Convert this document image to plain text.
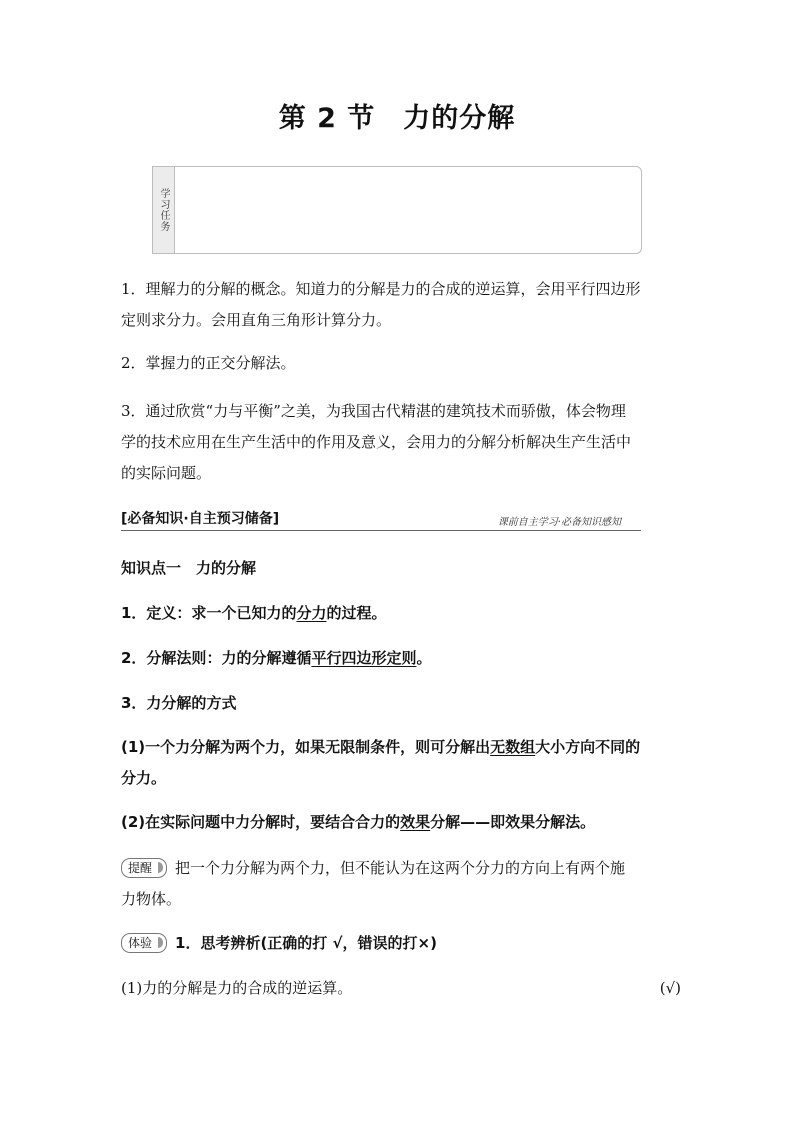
第 2 节　力的分解
学习任务
1．理解力的分解的概念。知道力的分解是力的合成的逆运算，会用平行四边形
定则求分力。会用直角三角形计算分力。
2．掌握力的正交分解法。
3．通过欣赏“力与平衡”之美，为我国古代精湛的建筑技术而骄傲，体会物理
学的技术应用在生产生活中的作用及意义，会用力的分解分析解决生产生活中
的实际问题。
[必备知识·自主预习储备]	课前自主学习·必备知识感知
知识点一　力的分解
1．定义：求一个已知力的分力的过程。
2．分解法则：力的分解遵循平行四边形定则。
3．力分解的方式
(1)一个力分解为两个力，如果无限制条件，则可分解出无数组大小方向不同的
分力。
(2)在实际问题中力分解时，要结合合力的效果分解——即效果分解法。
提醒 把一个力分解为两个力，但不能认为在这两个分力的方向上有两个施
力物体。
体验 1．思考辨析(正确的打 √，错误的打×)
(1)力的分解是力的合成的逆运算。	(√)
